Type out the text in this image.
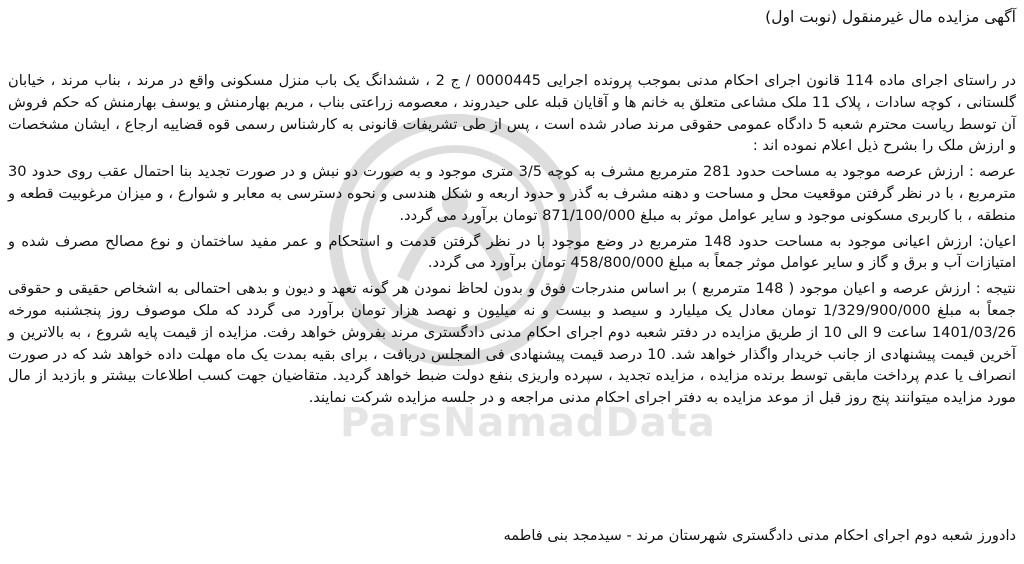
آگهی مزایده مال غیرمنقول (نوبت اول)

در راستای اجرای ماده 114 قانون اجرای احکام مدنی بموجب پرونده اجرایی 0000445 / ج 2 ، ششدانگ یک باب منزل مسکونی واقع در مرند ، بناب مرند ، خیابان گلستانی ، کوچه سادات ، پلاک 11 ملک مشاعی متعلق به خانم ها و آقایان قبله علی حیدروند ، معصومه زراعتی بناب ، مریم بهارمنش و یوسف بهارمنش که حکم فروش آن توسط ریاست محترم شعبه 5 دادگاه عمومی حقوقی مرند صادر شده است ، پس از طی تشریفات قانونی به کارشناس رسمی قوه قضاییه ارجاع ، ایشان مشخصات و ارزش ملک را بشرح ذیل اعلام نموده اند :

عرصه : ارزش عرصه موجود به مساحت حدود 281 مترمربع مشرف به کوچه 3/5 متری موجود و به صورت دو نبش و در صورت تجدید بنا احتمال عقب روی حدود 30 مترمربع ، با در نظر گرفتن موقعیت محل و مساحت و دهنه مشرف به گذر و حدود اربعه و شکل هندسی و نحوه دسترسی به معابر و شوارع ، و میزان مرغوبیت قطعه و منطقه ، با کاربری مسکونی موجود و سایر عوامل موثر به مبلغ 871/100/000 تومان برآورد می گردد.

اعیان: ارزش اعیانی موجود به مساحت حدود 148 مترمربع در وضع موجود با در نظر گرفتن قدمت و استحکام و عمر مفید ساختمان و نوع مصالح مصرف شده و امتیازات آب و برق و گاز و سایر عوامل موثر جمعاً به مبلغ 458/800/000 تومان برآورد می گردد.

نتیجه : ارزش عرصه و اعیان موجود ( 148 مترمربع ) بر اساس مندرجات فوق و بدون لحاظ نمودن هر گونه تعهد و دیون و بدهی احتمالی به اشخاص حقیقی و حقوقی جمعاً به مبلغ 1/329/900/000 تومان معادل یک میلیارد و سیصد و بیست و نه میلیون و نهصد هزار تومان برآورد می گردد که ملک موصوف روز پنجشنبه مورخه 1401/03/26 ساعت 9 الی 10 از طریق مزایده در دفتر شعبه دوم اجرای احکام مدنی دادگستری مرند بفروش خواهد رفت. مزایده از قیمت پایه شروع ، به بالاترین و آخرین قیمت پیشنهادی از جانب خریدار واگذار خواهد شد. 10 درصد قیمت پیشنهادی فی المجلس دریافت ، برای بقیه بمدت یک ماه مهلت داده خواهد شد که در صورت انصراف یا عدم پرداخت مابقی توسط برنده مزایده ، مزایده تجدید ، سپرده واریزی بنفع دولت ضبط خواهد گردید. متقاضیان جهت کسب اطلاعات بیشتر و بازدید از مال مورد مزایده میتوانند پنج روز قبل از موعد مزایده به دفتر اجرای احکام مدنی مراجعه و در جلسه مزایده شرکت نمایند.

دادورز شعبه دوم اجرای احکام مدنی دادگستری شهرستان مرند - سیدمجد بنی فاطمه
ParsNamadData
